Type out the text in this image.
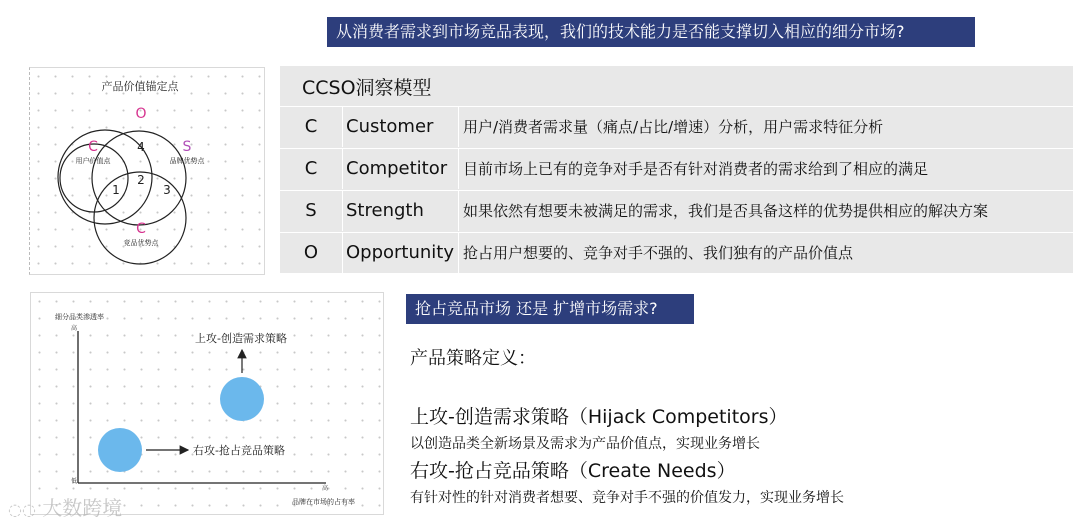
从消费者需求到市场竞品表现，我们的技术能力是否能支撑切入相应的细分市场?
产品价值锚定点
O
C
用户价值点
S
品牌优势点
C
竞品优势点
4
2
1	3
CCSO洞察模型
C	Customer 用户/消费者需求量（痛点/占比/增速）分析，用户需求特征分析
C	Competitor 目前市场上已有的竞争对手是否有针对消费者的需求给到了相应的满足
S	Strength	如果依然有想要未被满足的需求，我们是否具备这样的优势提供相应的解决方案
O	Opportunity 抢占用户想要的、竞争对手不强的、我们独有的产品价值点
细分品类渗透率
高
低
高
品牌在市场的占有率
上攻-创造需求策略
右攻-抢占竞品策略
抢占竞品市场 还是 扩增市场需求?
产品策略定义：
上攻-创造需求策略（Hijack Competitors）
以创造品类全新场景及需求为产品价值点，实现业务增长
右攻-抢占竞品策略（Create Needs）
有针对性的针对消费者想要、竞争对手不强的价值发力，实现业务增长
◌◌ 大数跨境
